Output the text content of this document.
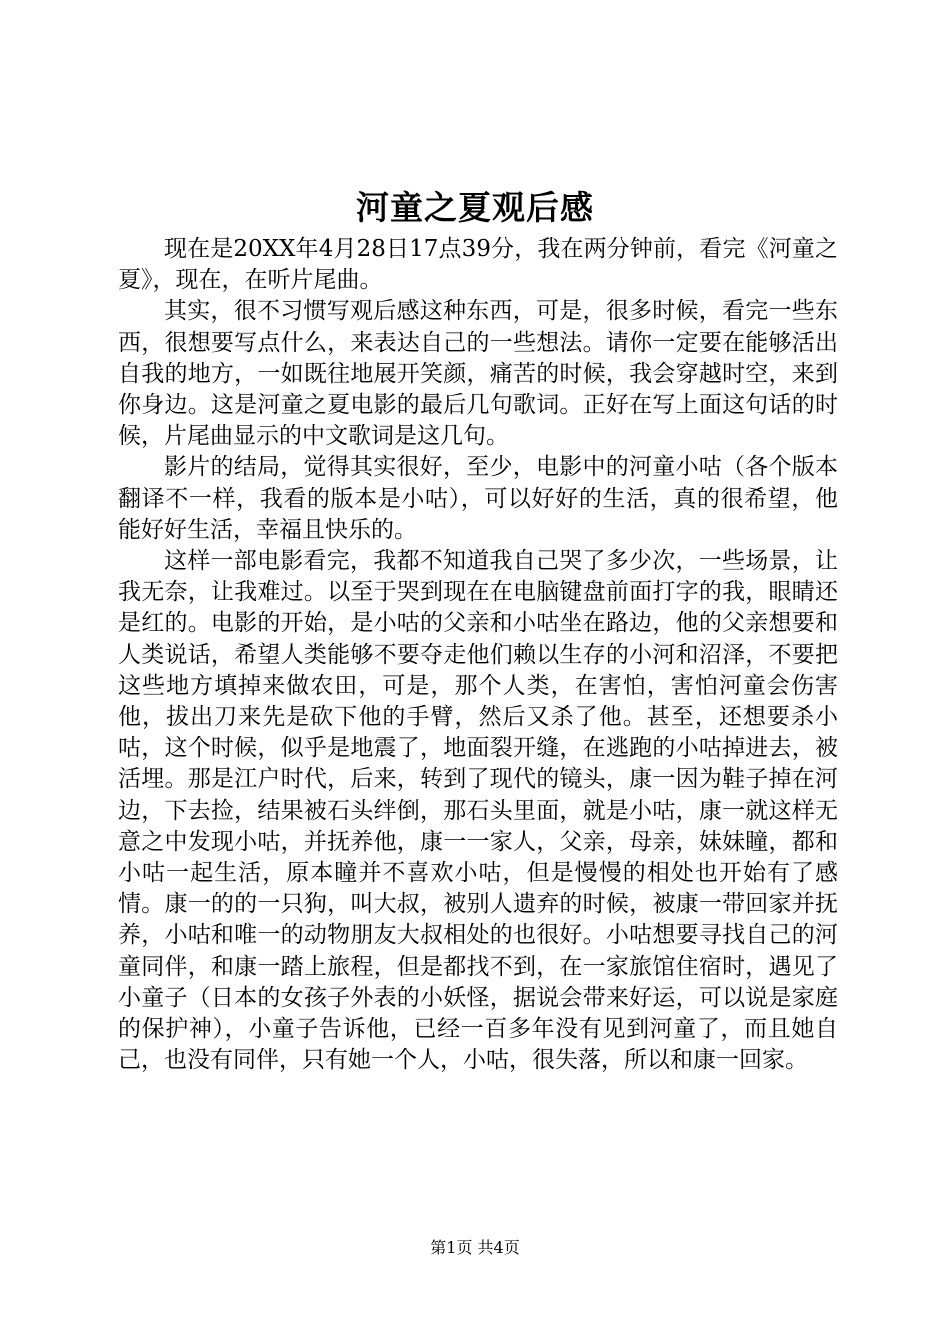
河童之夏观后感

现在是20XX年4月28日17点39分，我在两分钟前，看完《河童之夏》，现在，在听片尾曲。

其实，很不习惯写观后感这种东西，可是，很多时候，看完一些东西，很想要写点什么，来表达自己的一些想法。请你一定要在能够活出自我的地方，一如既往地展开笑颜，痛苦的时候，我会穿越时空，来到你身边。这是河童之夏电影的最后几句歌词。正好在写上面这句话的时候，片尾曲显示的中文歌词是这几句。

影片的结局，觉得其实很好，至少，电影中的河童小咕（各个版本翻译不一样，我看的版本是小咕），可以好好的生活，真的很希望，他能好好生活，幸福且快乐的。

这样一部电影看完，我都不知道我自己哭了多少次，一些场景，让我无奈，让我难过。以至于哭到现在在电脑键盘前面打字的我，眼睛还是红的。电影的开始，是小咕的父亲和小咕坐在路边，他的父亲想要和人类说话，希望人类能够不要夺走他们赖以生存的小河和沼泽，不要把这些地方填掉来做农田，可是，那个人类，在害怕，害怕河童会伤害他，拔出刀来先是砍下他的手臂，然后又杀了他。甚至，还想要杀小咕，这个时候，似乎是地震了，地面裂开缝，在逃跑的小咕掉进去，被活埋。那是江户时代，后来，转到了现代的镜头，康一因为鞋子掉在河边，下去捡，结果被石头绊倒，那石头里面，就是小咕，康一就这样无意之中发现小咕，并抚养他，康一一家人，父亲，母亲，妹妹瞳，都和小咕一起生活，原本瞳并不喜欢小咕，但是慢慢的相处也开始有了感情。康一的的一只狗，叫大叔，被别人遗弃的时候，被康一带回家并抚养，小咕和唯一的动物朋友大叔相处的也很好。小咕想要寻找自己的河童同伴，和康一踏上旅程，但是都找不到，在一家旅馆住宿时，遇见了小童子（日本的女孩子外表的小妖怪，据说会带来好运，可以说是家庭的保护神），小童子告诉他，已经一百多年没有见到河童了，而且她自己，也没有同伴，只有她一个人，小咕，很失落，所以和康一回家。

第1页 共4页
